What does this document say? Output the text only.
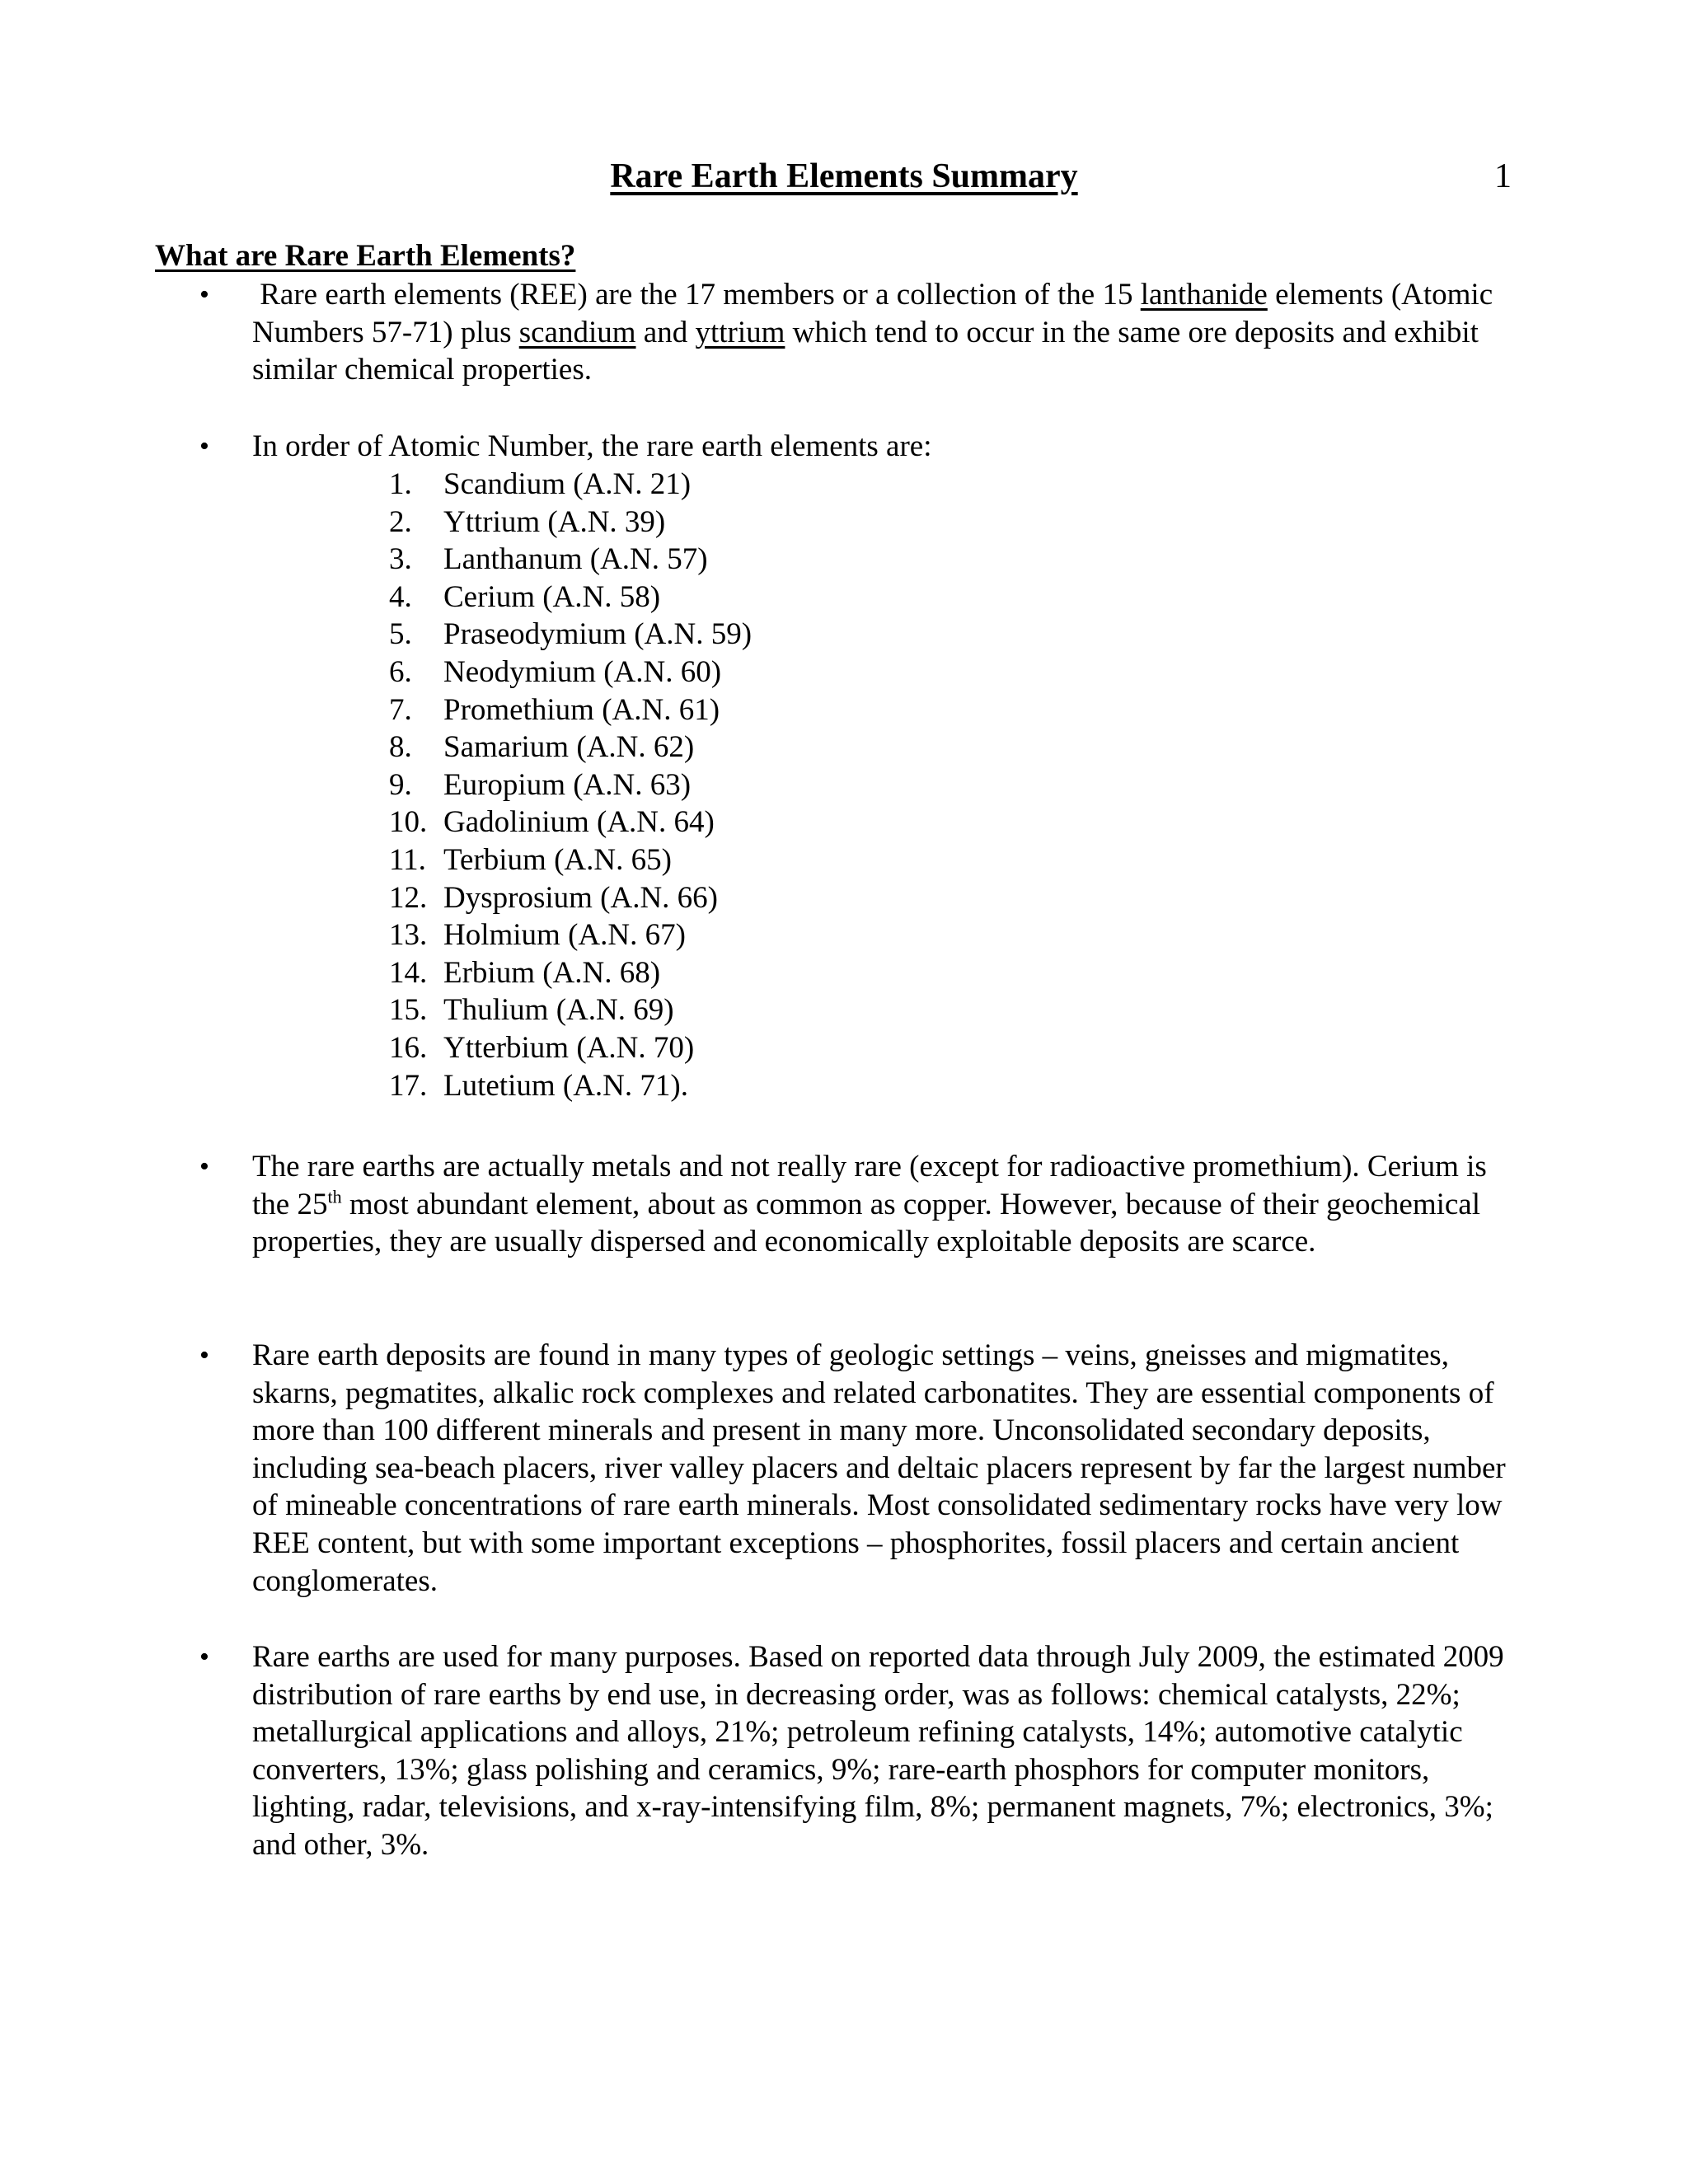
Rare Earth Elements Summary	1
What are Rare Earth Elements?
• Rare earth elements (REE) are the 17 members or a collection of the 15 lanthanide elements (Atomic Numbers 57-71) plus scandium and yttrium which tend to occur in the same ore deposits and exhibit similar chemical properties.
• In order of Atomic Number, the rare earth elements are:
1. Scandium (A.N. 21)
2. Yttrium (A.N. 39)
3. Lanthanum (A.N. 57)
4. Cerium (A.N. 58)
5. Praseodymium (A.N. 59)
6. Neodymium (A.N. 60)
7. Promethium (A.N. 61)
8. Samarium (A.N. 62)
9. Europium (A.N. 63)
10. Gadolinium (A.N. 64)
11. Terbium (A.N. 65)
12. Dysprosium (A.N. 66)
13. Holmium (A.N. 67)
14. Erbium (A.N. 68)
15. Thulium (A.N. 69)
16. Ytterbium (A.N. 70)
17. Lutetium (A.N. 71).
• The rare earths are actually metals and not really rare (except for radioactive promethium). Cerium is the 25th most abundant element, about as common as copper. However, because of their geochemical properties, they are usually dispersed and economically exploitable deposits are scarce.
• Rare earth deposits are found in many types of geologic settings – veins, gneisses and migmatites, skarns, pegmatites, alkalic rock complexes and related carbonatites. They are essential components of more than 100 different minerals and present in many more. Unconsolidated secondary deposits, including sea-beach placers, river valley placers and deltaic placers represent by far the largest number of mineable concentrations of rare earth minerals. Most consolidated sedimentary rocks have very low REE content, but with some important exceptions – phosphorites, fossil placers and certain ancient conglomerates.
• Rare earths are used for many purposes. Based on reported data through July 2009, the estimated 2009 distribution of rare earths by end use, in decreasing order, was as follows: chemical catalysts, 22%; metallurgical applications and alloys, 21%; petroleum refining catalysts, 14%; automotive catalytic converters, 13%; glass polishing and ceramics, 9%; rare-earth phosphors for computer monitors, lighting, radar, televisions, and x-ray-intensifying film, 8%; permanent magnets, 7%; electronics, 3%; and other, 3%.
